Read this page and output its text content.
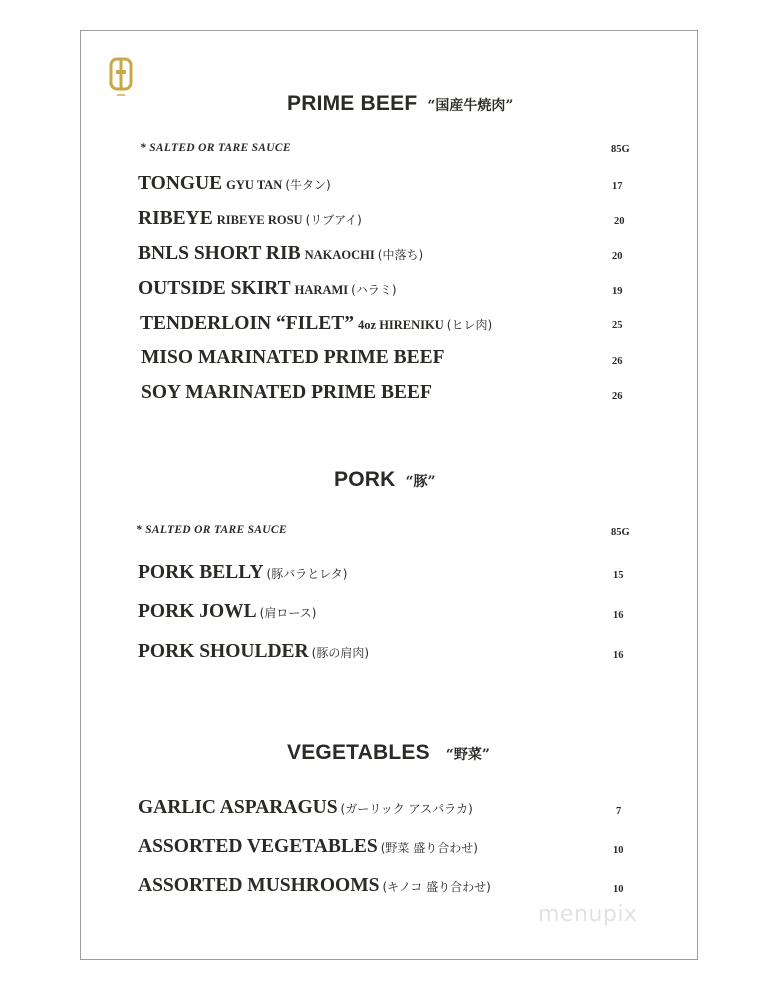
PRIME BEEF “国産牛焼肉”
* SALTED OR TARE SAUCE	85G
TONGUE GYU TAN (牛タン)	17
RIBEYE RIBEYE ROSU (リブアイ)	20
BNLS SHORT RIB NAKAOCHI (中落ち)	20
OUTSIDE SKIRT HARAMI (ハラミ)	19
TENDERLOIN “FILET” 4oz HIRENIKU (ヒレ肉)	25
MISO MARINATED PRIME BEEF	26
SOY MARINATED PRIME BEEF	26
PORK “豚”
* SALTED OR TARE SAUCE	85G
PORK BELLY (豚バラとレタ)	15
PORK JOWL (肩ロース)	16
PORK SHOULDER (豚の肩肉)	16
VEGETABLES “野菜”
GARLIC ASPARAGUS (ガーリック アスパラカ)	7
ASSORTED VEGETABLES (野菜 盛り合わせ)	10
ASSORTED MUSHROOMS (キノコ 盛り合わせ)	10
menupix
